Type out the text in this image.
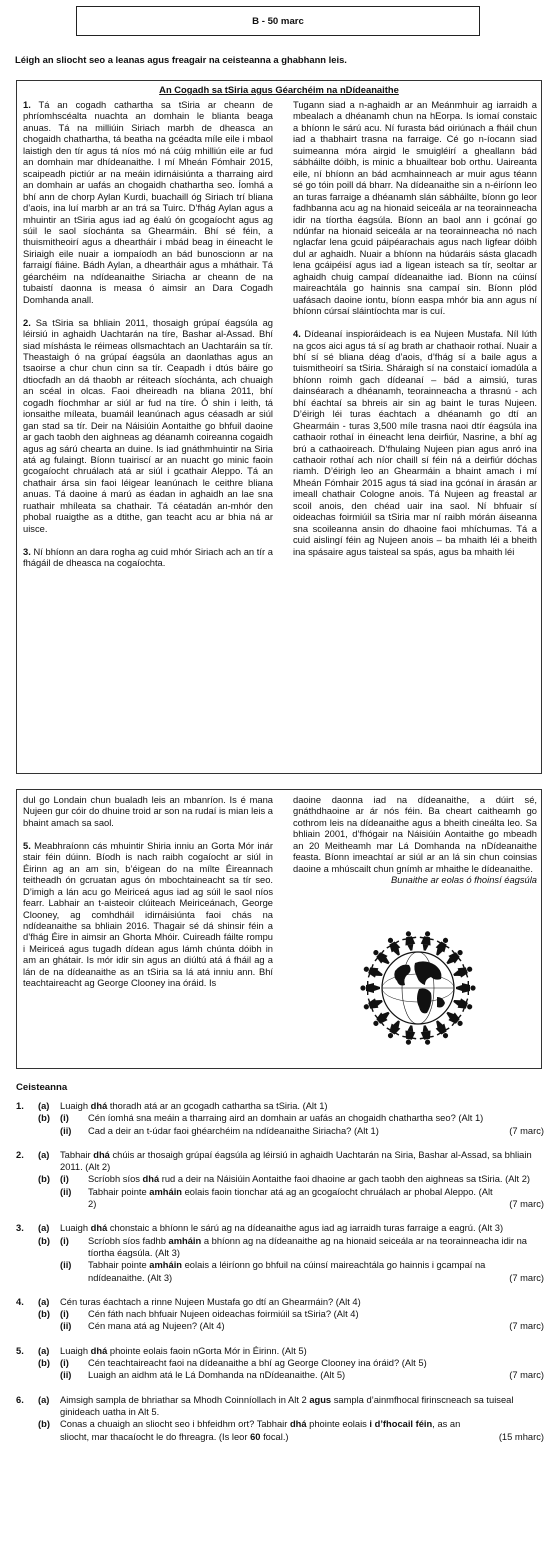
B - 50 marc
Léigh an sliocht seo a leanas agus freagair na ceisteanna a ghabhann leis.
An Cogadh sa tSiria agus Géarchéim na nDídeanaithe

1. Tá an cogadh cathartha sa tSiria ar cheann de phríomhscéalta nuachta an domhain le blianta beaga anuas. Tá na milliúin Siriach marbh de dheasca an chogaidh chathartha, tá beatha na gcéadta míle eile i mbaol laistigh den tír agus tá níos mó ná cúig mhilliún eile ar fud an domhain mar dhídeanaithe. I mí Mheán Fómhair 2015, scaipeadh pictiúr ar na meáin idirnáisiúnta a tharraing aird an domhain ar uafás an chogaidh chathartha seo. Íomhá a bhí ann de chorp Aylan Kurdi, buachaill óg Siriach trí bliana d’aois, ina luí marbh ar an trá sa Tuirc. D’fhág Aylan agus a mhuintir an tSiria agus iad ag éalú ón gcogaíocht agus ag súil le saol síochánta sa Ghearmáin. Bhí sé féin, a thuismitheoirí agus a dheartháir i mbád beag in éineacht le Siriaigh eile nuair a iompaíodh an bád bunoscionn ar na farraigí fiáine. Bádh Aylan, a dheartháir agus a mháthair. Tá géarchéim na ndídeanaithe Siriacha ar cheann de na tubaistí daonna is measa ó aimsir an Dara Cogadh Domhanda anall.

2. Sa tSiria sa bhliain 2011, thosaigh grúpaí éagsúla ag léirsiú in aghaidh Uachtarán na tíre, Bashar al-Assad. Bhí siad míshásta le réimeas ollsmachtach an Uachtaráin sa tír. Theastaigh ó na grúpaí éagsúla an daonlathas agus an tsaoirse a chur chun cinn sa tír. Ceapadh i dtús báire go dtiocfadh an dá thaobh ar réiteach síochánta, ach chuaigh an scéal in olcas. Faoi dheireadh na bliana 2011, bhí cogadh fíochmhar ar siúl ar fud na tíre. Ó shin i leith, tá ionsaithe míleata, buamáil leanúnach agus céasadh ar siúl gan stad sa tír. Deir na Náisiúin Aontaithe go bhfuil daoine ar gach taobh den aighneas ag déanamh coireanna cogaidh agus ag sárú chearta an duine. Is iad gnáthmhuintir na Siria atá ag fulaingt. Bíonn tuairiscí ar an nuacht go minic faoin gcogaíocht chruálach atá ar siúl i gcathair Aleppo. Tá an chathair ársa sin faoi léigear leanúnach le ceithre bliana anuas. Tá daoine á marú as éadan in aghaidh an lae sna ruathair mhíleata sa chathair. Tá céatadán an-mhór den phobal ruaigthe as a dtithe, gan teacht acu ar bhia ná ar uisce.

3. Ní bhíonn an dara rogha ag cuid mhór Siriach ach an tír a fhágáil de dheasca na cogaíochta.

Tugann siad a n-aghaidh ar an Meánmhuir ag iarraidh a mbealach a dhéanamh chun na hEorpa. Is iomaí constaic a bhíonn le sárú acu. Ní furasta bád oiriúnach a fháil chun iad a thabhairt trasna na farraige. Cé go n-íocann siad suimeanna móra airgid le smuigléirí a gheallann bád sábháilte dóibh, is minic a bhuailtear bob orthu. Uaireanta eile, ní bhíonn an bád acmhainneach ar muir agus téann sé go tóin poill dá bharr. Na dídeanaithe sin a n-éiríonn leo an turas farraige a dhéanamh slán sábháilte, bíonn go leor fadhbanna acu ag na hionaid seiceála ar na teorainneacha idir na tíortha éagsúla. Bíonn an baol ann i gcónaí go ndúnfar na hionaid seiceála ar na teorainneacha nó nach nglacfar lena gcuid páipéarachais agus nach ligfear dóibh dul ar aghaidh. Nuair a bhíonn na húdaráis sásta glacadh lena gcáipéisí agus iad a ligean isteach sa tír, seoltar ar aghaidh chuig campaí dídeanaithe iad. Bíonn na cúinsí maireachtála go hainnis sna campaí sin. Bíonn plód uafásach daoine iontu, bíonn easpa mhór bia ann agus ní bhíonn cúrsaí sláintíochta mar is cuí.

4. Dídeanaí inspioráideach is ea Nujeen Mustafa. Níl lúth na gcos aici agus tá sí ag brath ar chathaoir rothaí. Nuair a bhí sí sé bliana déag d’aois, d’fhág sí a baile agus a tuismitheoirí sa tSiria. Sháraigh sí na constaicí iomadúla a bhíonn roimh gach dídeanaí – bád a aimsiú, turas dainséarach a dhéanamh, teorainneacha a thrasnú - ach bhí éachtaí sa bhreis air sin ag baint le turas Nujeen. D’éirigh léi turas éachtach a dhéanamh go dtí an Ghearmáin - turas 3,500 míle trasna naoi dtír éagsúla ina cathaoir rothaí in éineacht lena deirfiúr, Nasrine, a bhí ag brú a cathaoireach. D’fhulaing Nujeen pian agus anró ina cathaoir rothaí ach níor chaill sí féin ná a deirfiúr dóchas riamh. D’éirigh leo an Ghearmáin a bhaint amach i mí Mheán Fómhair 2015 agus tá siad ina gcónaí in árasán ar imeall chathair Cologne anois. Tá Nujeen ag freastal ar scoil anois, den chéad uair ina saol. Ní bhfuair sí oideachas foirmiúil sa tSiria mar ní raibh mórán áiseanna sna scoileanna ansin do dhaoine faoi mhíchumas. Tá a cuid aislingí féin ag Nujeen anois – ba mhaith léi a bheith ina spásaire agus taisteal sa spás, agus ba mhaith léi

dul go Londain chun bualadh leis an mbanríon. Is é mana Nujeen gur cóir do dhuine troid ar son na rudaí is mian leis a bhaint amach sa saol.

5. Meabhraíonn cás mhuintir Shiria inniu an Gorta Mór inár stair féin dúinn. Bíodh is nach raibh cogaíocht ar siúl in Éirinn ag an am sin, b’éigean do na mílte Éireannach teitheadh ón gcruatan agus ón mbochtaineacht sa tír seo. D’imigh a lán acu go Meiriceá agus iad ag súil le saol níos fearr. Labhair an t-aisteoir clúiteach Meiriceánach, George Clooney, ag comhdháil idirnáisiúnta faoi chás na ndídeanaithe sa bhliain 2016. Thagair sé dá shinsir féin a d’fhág Éire in aimsir an Ghorta Mhóir. Cuireadh fáilte rompu i Meiriceá agus tugadh dídean agus lámh chúnta dóibh in am an ghátair. Is mór idir sin agus an diúltú atá á fháil ag a lán de na dídeanaithe as an tSiria sa lá atá inniu ann. Bhí teachtaireacht ag George Clooney ina óráid. Is

daoine daonna iad na dídeanaithe, a dúirt sé, gnáthdhaoine ar ár nós féin. Ba cheart caitheamh go cothrom leis na dídeanaithe agus a bheith cineálta leo. Sa bhliain 2001, d’fhógair na Náisiúin Aontaithe go mbeadh an 20 Meitheamh mar Lá Domhanda na nDídeanaithe feasta. Bíonn imeachtaí ar siúl ar an lá sin chun coinsias daoine a mhúscailt chun gnímh ar mhaithe le dídeanaithe.
Bunaithe ar eolas ó fhoinsí éagsúla

Ceisteanna
1.	(a)	Luaigh dhá thoradh atá ar an gcogadh cathartha sa tSiria. (Alt 1)
(b)	(i)	Cén íomhá sna meáin a tharraing aird an domhain ar uafás an chogaidh chathartha seo? (Alt 1)
(ii)	Cad a deir an t-údar faoi ghéarchéim na ndídeanaithe Siriacha? (Alt 1)	(7 marc)
2.	(a)	Tabhair dhá chúis ar thosaigh grúpaí éagsúla ag léirsiú in aghaidh Uachtarán na Siria, Bashar al-Assad, sa bhliain 2011. (Alt 2)
(b)	(i)	Scríobh síos dhá rud a deir na Náisiúin Aontaithe faoi dhaoine ar gach taobh den aighneas sa tSiria. (Alt 2)
(ii)	Tabhair pointe amháin eolais faoin tionchar atá ag an gcogaíocht chruálach ar phobal Aleppo. (Alt 2)	(7 marc)
3.	(a)	Luaigh dhá chonstaic a bhíonn le sárú ag na dídeanaithe agus iad ag iarraidh turas farraige a eagrú. (Alt 3)
(b)	(i)	Scríobh síos fadhb amháin a bhíonn ag na dídeanaithe ag na hionaid seiceála ar na teorainneacha idir na tíortha éagsúla. (Alt 3)
(ii)	Tabhair pointe amháin eolais a léiríonn go bhfuil na cúinsí maireachtála go hainnis i gcampaí na ndídeanaithe. (Alt 3)	(7 marc)
4.	(a)	Cén turas éachtach a rinne Nujeen Mustafa go dtí an Ghearmáin? (Alt 4)
(b)	(i)	Cén fáth nach bhfuair Nujeen oideachas foirmiúil sa tSiria? (Alt 4)
(ii)	Cén mana atá ag Nujeen? (Alt 4)	(7 marc)
5.	(a)	Luaigh dhá phointe eolais faoin nGorta Mór in Éirinn. (Alt 5)
(b)	(i)	Cén teachtaireacht faoi na dídeanaithe a bhí ag George Clooney ina óráid? (Alt 5)
(ii)	Luaigh an aidhm atá le Lá Domhanda na nDídeanaithe. (Alt 5)	(7 marc)
6.	(a)	Aimsigh sampla de bhriathar sa Mhodh Coinníollach in Alt 2 agus sampla d’ainmfhocal firinscneach sa tuiseal ginideach uatha in Alt 5.
(b)	Conas a chuaigh an sliocht seo i bhfeidhm ort? Tabhair dhá phointe eolais i d’fhocail féin, as an sliocht, mar thacaíocht le do fhreagra. (Is leor 60 focal.)	(15 mharc)
